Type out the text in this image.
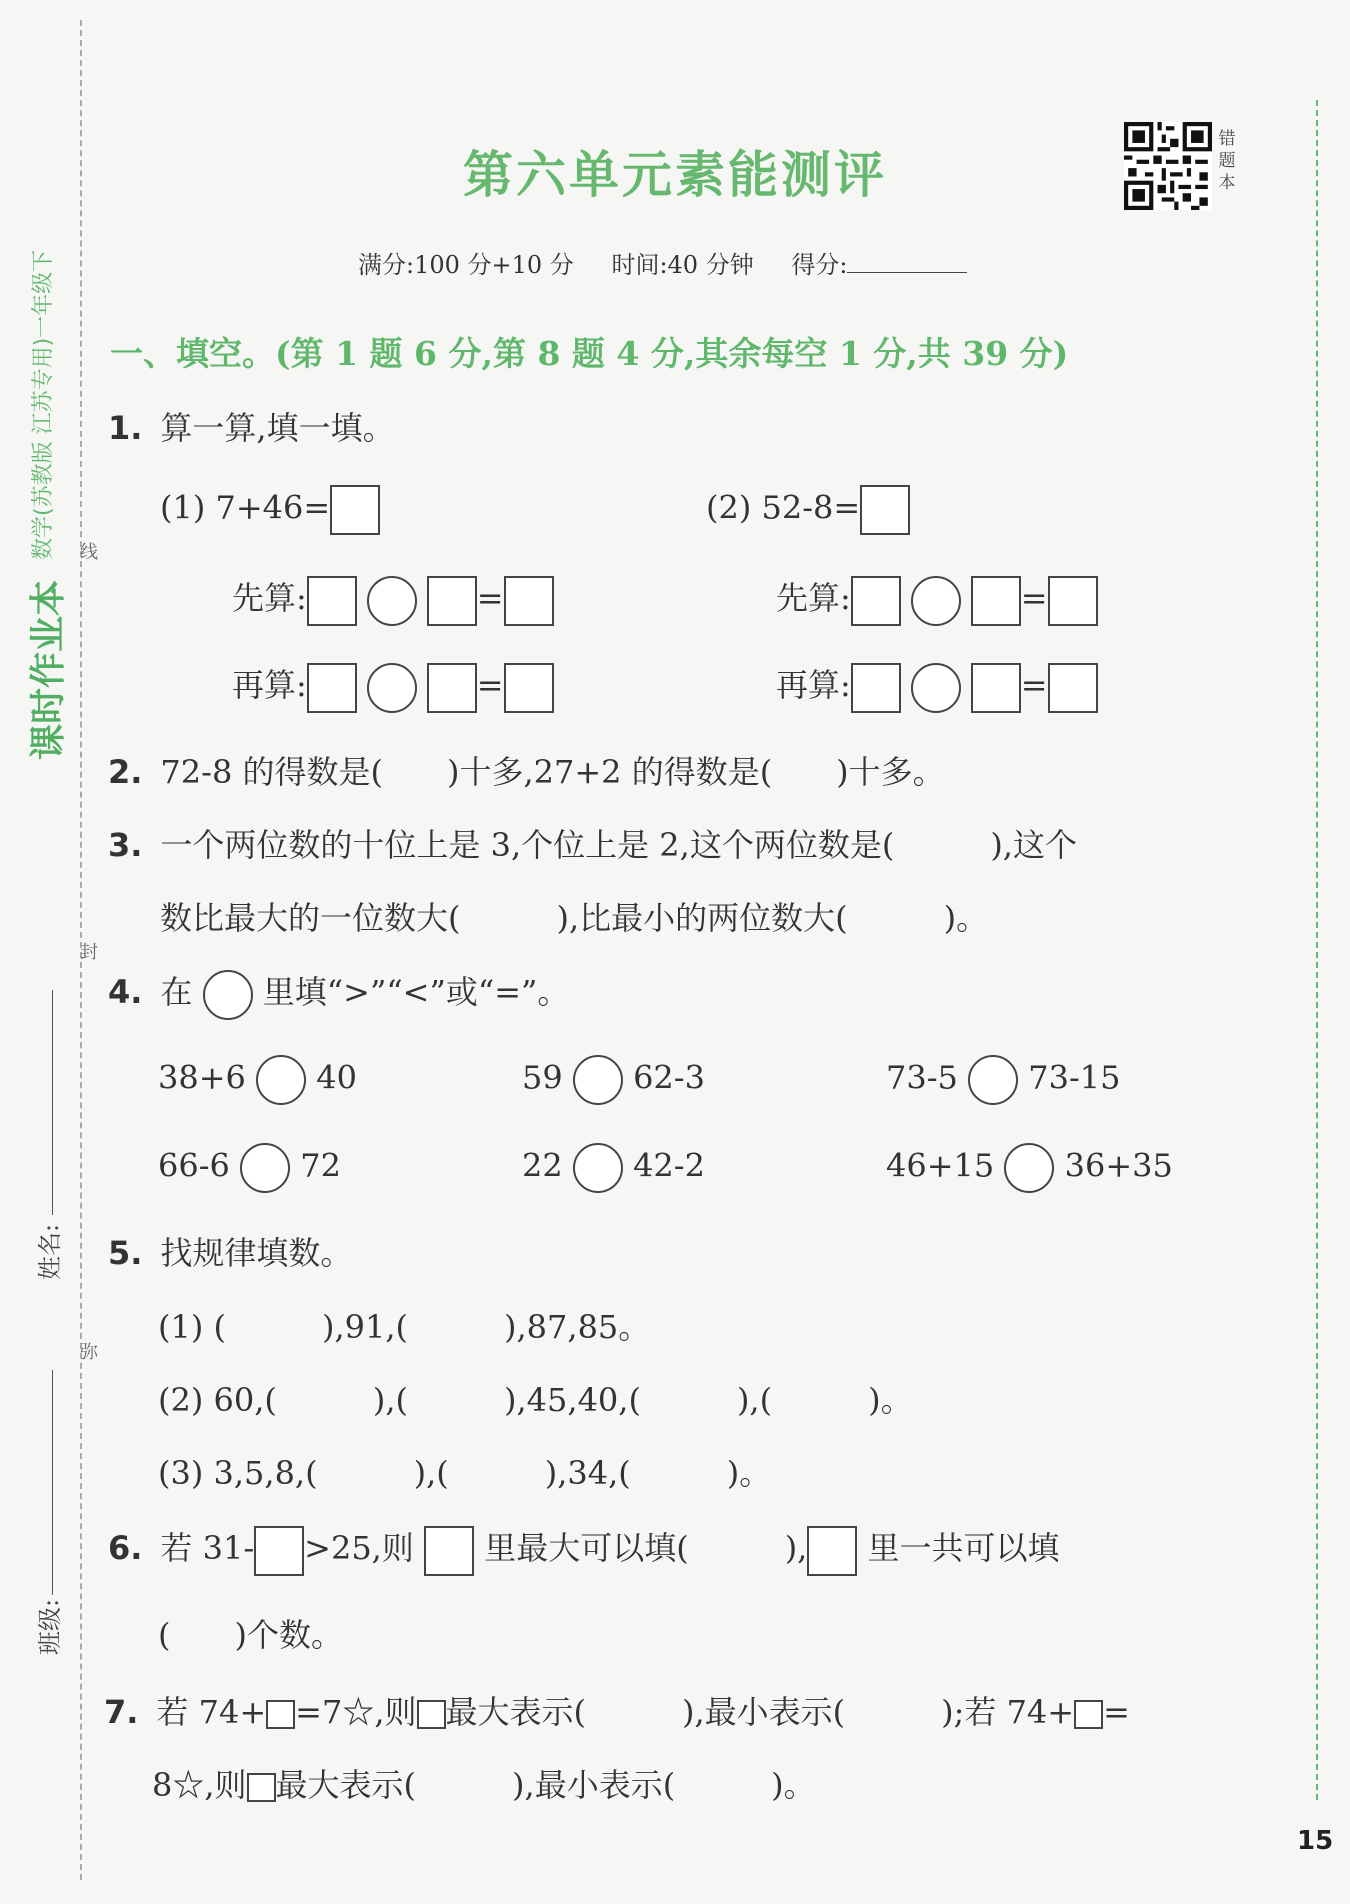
课时作业本
数学(苏教版 江苏专用)一年级下 线
封
弥
姓名:
班级:
第六单元素能测评
错题本
满分:100 分+10 分 时间:40 分钟 得分:
一、填空。(第 1 题 6 分,第 8 题 4 分,其余每空 1 分,共 39 分)
1. 算一算,填一填。
(1) 7+46=	(2) 52-8=
先算:	=	先算:	=
再算:	=	再算:	=
2. 72-8 的得数是(　　)十多,27+2 的得数是(　　)十多。
3. 一个两位数的十位上是 3,个位上是 2,这个两位数是(　　　),这个
数比最大的一位数大(　　　),比最小的两位数大(　　　)。
4. 在 里填“>”“<”或“=”。
38+6 40	59 62-3	73-5 73-15
66-6 72	22 42-2	46+15 36+35
5. 找规律填数。
(1) (　　　),91,(　　　),87,85。
(2) 60,(　　　),(　　　),45,40,(　　　),(　　　)。
(3) 3,5,8,(　　　),(　　　),34,(　　　)。
6. 若 31- >25,则 里最大可以填(　　　), 里一共可以填
(　　)个数。
7. 若 74+ =7☆,则 最大表示(　　　),最小表示(　　　);若 74+ =
8☆,则 最大表示(　　　),最小表示(　　　)。
15
